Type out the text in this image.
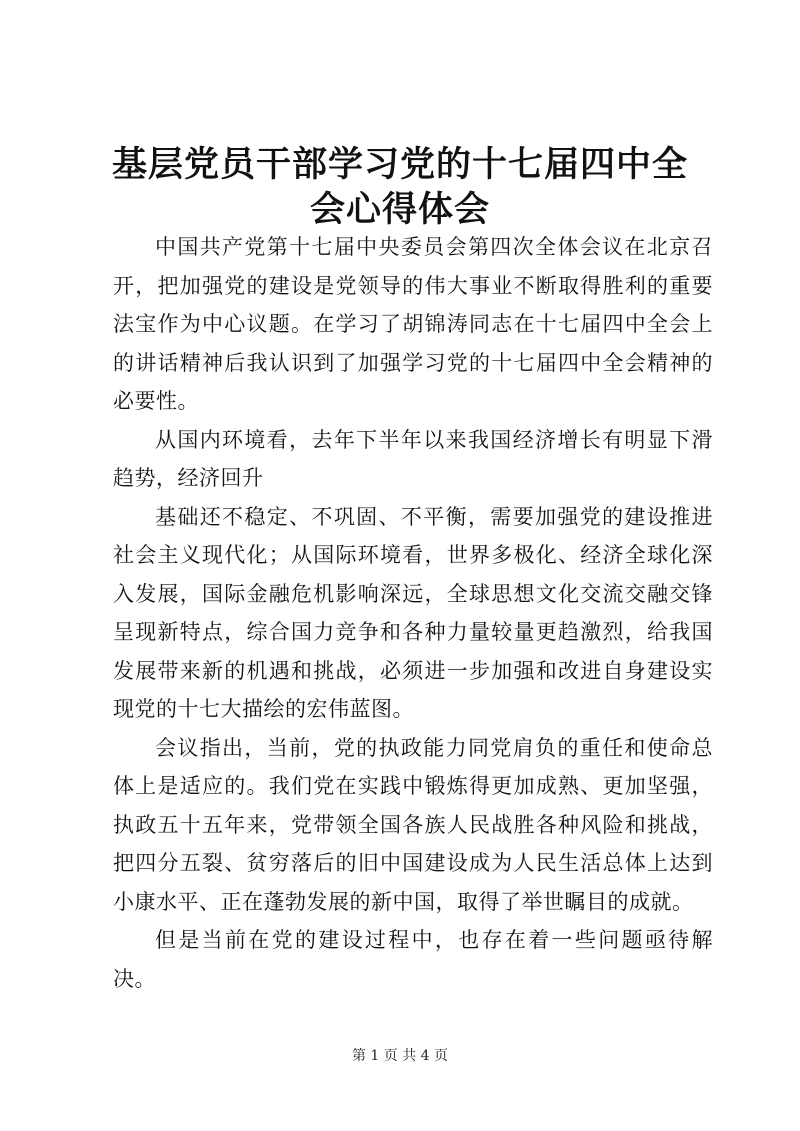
基层党员干部学习党的十七届四中全会心得体会

中国共产党第十七届中央委员会第四次全体会议在北京召开，把加强党的建设是党领导的伟大事业不断取得胜利的重要法宝作为中心议题。在学习了胡锦涛同志在十七届四中全会上的讲话精神后我认识到了加强学习党的十七届四中全会精神的必要性。

从国内环境看，去年下半年以来我国经济增长有明显下滑趋势，经济回升

基础还不稳定、不巩固、不平衡，需要加强党的建设推进社会主义现代化；从国际环境看，世界多极化、经济全球化深入发展，国际金融危机影响深远，全球思想文化交流交融交锋呈现新特点，综合国力竞争和各种力量较量更趋激烈，给我国发展带来新的机遇和挑战，必须进一步加强和改进自身建设实现党的十七大描绘的宏伟蓝图。

会议指出，当前，党的执政能力同党肩负的重任和使命总体上是适应的。我们党在实践中锻炼得更加成熟、更加坚强，执政五十五年来，党带领全国各族人民战胜各种风险和挑战，把四分五裂、贫穷落后的旧中国建设成为人民生活总体上达到小康水平、正在蓬勃发展的新中国，取得了举世瞩目的成就。

但是当前在党的建设过程中，也存在着一些问题亟待解决。

第 1 页 共 4 页
